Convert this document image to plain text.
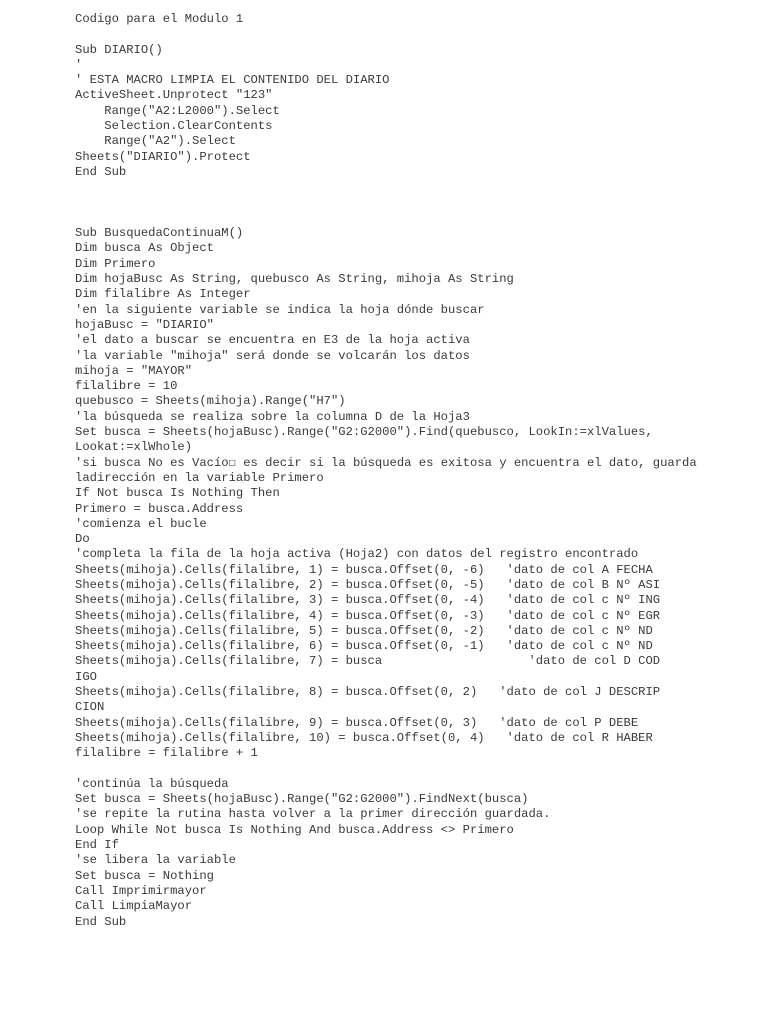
Codigo para el Modulo 1
Sub DIARIO()
'
' ESTA MACRO LIMPIA EL CONTENIDO DEL DIARIO
ActiveSheet.Unprotect "123"
Range("A2:L2000").Select
Selection.ClearContents
Range("A2").Select
Sheets("DIARIO").Protect
End Sub
Sub BusquedaContinuaM()
Dim busca As Object
Dim Primero
Dim hojaBusc As String, quebusco As String, mihoja As String
Dim filalibre As Integer
'en la siguiente variable se indica la hoja dónde buscar
hojaBusc = "DIARIO"
'el dato a buscar se encuentra en E3 de la hoja activa
'la variable "mihoja" será donde se volcarán los datos
mihoja = "MAYOR"
filalibre = 10
quebusco = Sheets(mihoja).Range("H7")
'la búsqueda se realiza sobre la columna D de la Hoja3
Set busca = Sheets(hojaBusc).Range("G2:G2000").Find(quebusco, LookIn:=xlValues,
Lookat:=xlWhole)
'si busca No es Vacío☐ es decir si la búsqueda es exitosa y encuentra el dato, guarda
ladirección en la variable Primero
If Not busca Is Nothing Then
Primero = busca.Address
'comienza el bucle
Do
'completa la fila de la hoja activa (Hoja2) con datos del registro encontrado
Sheets(mihoja).Cells(filalibre, 1) = busca.Offset(0, -6)   'dato de col A FECHA
Sheets(mihoja).Cells(filalibre, 2) = busca.Offset(0, -5)   'dato de col B Nº ASI
Sheets(mihoja).Cells(filalibre, 3) = busca.Offset(0, -4)   'dato de col c Nº ING
Sheets(mihoja).Cells(filalibre, 4) = busca.Offset(0, -3)   'dato de col c Nº EGR
Sheets(mihoja).Cells(filalibre, 5) = busca.Offset(0, -2)   'dato de col c Nº ND
Sheets(mihoja).Cells(filalibre, 6) = busca.Offset(0, -1)   'dato de col c Nº ND
Sheets(mihoja).Cells(filalibre, 7) = busca                    'dato de col D COD
IGO
Sheets(mihoja).Cells(filalibre, 8) = busca.Offset(0, 2)   'dato de col J DESCRIP
CION
Sheets(mihoja).Cells(filalibre, 9) = busca.Offset(0, 3)   'dato de col P DEBE
Sheets(mihoja).Cells(filalibre, 10) = busca.Offset(0, 4)   'dato de col R HABER
filalibre = filalibre + 1
'continúa la búsqueda
Set busca = Sheets(hojaBusc).Range("G2:G2000").FindNext(busca)
'se repite la rutina hasta volver a la primer dirección guardada.
Loop While Not busca Is Nothing And busca.Address <> Primero
End If
'se libera la variable
Set busca = Nothing
Call Imprimirmayor
Call LimpiaMayor
End Sub
